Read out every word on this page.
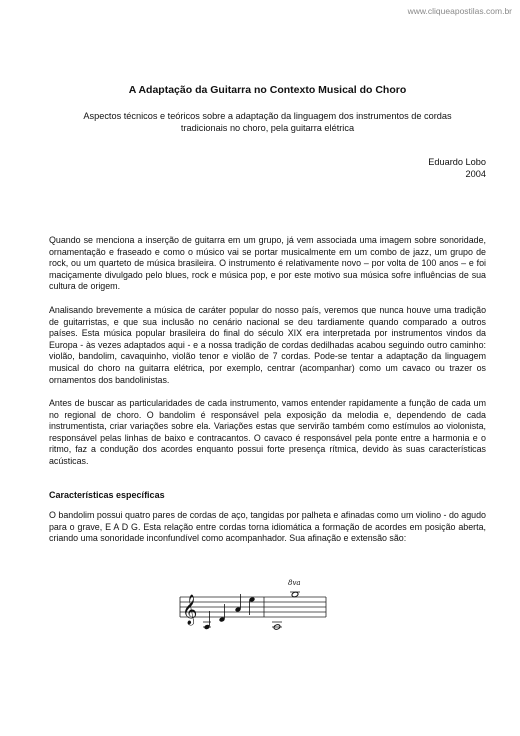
www.cliqueapostilas.com.br
A Adaptação da Guitarra no Contexto Musical do Choro
Aspectos técnicos e teóricos sobre a adaptação da linguagem dos instrumentos de cordas tradicionais no choro, pela guitarra elétrica
Eduardo Lobo
2004

Quando se menciona a inserção de guitarra em um grupo, já vem associada uma imagem sobre sonoridade, ornamentação e fraseado e como o músico vai se portar musicalmente em um combo de jazz, um grupo de rock, ou um quarteto de música brasileira. O instrumento é relativamente novo – por volta de 100 anos – e foi maciçamente divulgado pelo blues, rock e música pop, e por este motivo sua música sofre influências de sua cultura de origem.

Analisando brevemente a música de caráter popular do nosso país, veremos que nunca houve uma tradição de guitarristas, e que sua inclusão no cenário nacional se deu tardiamente quando comparado a outros países. Esta música popular brasileira do final do século XIX era interpretada por instrumentos vindos da Europa - às vezes adaptados aqui - e a nossa tradição de cordas dedilhadas acabou seguindo outro caminho: violão, bandolim, cavaquinho, violão tenor e violão de 7 cordas. Pode-se tentar a adaptação da linguagem musical do choro na guitarra elétrica, por exemplo, centrar (acompanhar) como um cavaco ou trazer os ornamentos dos bandolinistas.

Antes de buscar as particularidades de cada instrumento, vamos entender rapidamente a função de cada um no regional de choro. O bandolim é responsável pela exposição da melodia e, dependendo de cada instrumentista, criar variações sobre ela. Variações estas que servirão também como estímulos ao violonista, responsável pelas linhas de baixo e contracantos. O cavaco é responsável pela ponte entre a harmonia e o ritmo, faz a condução dos acordes enquanto possui forte presença rítmica, devido às suas características acústicas.

Características específicas

O bandolim possui quatro pares de cordas de aço, tangidas por palheta e afinadas como um violino - do agudo para o grave, E A D G. Esta relação entre cordas torna idiomática a formação de acordes em posição aberta, criando uma sonoridade inconfundível como acompanhador. Sua afinação e extensão são:

𝄞
8va
